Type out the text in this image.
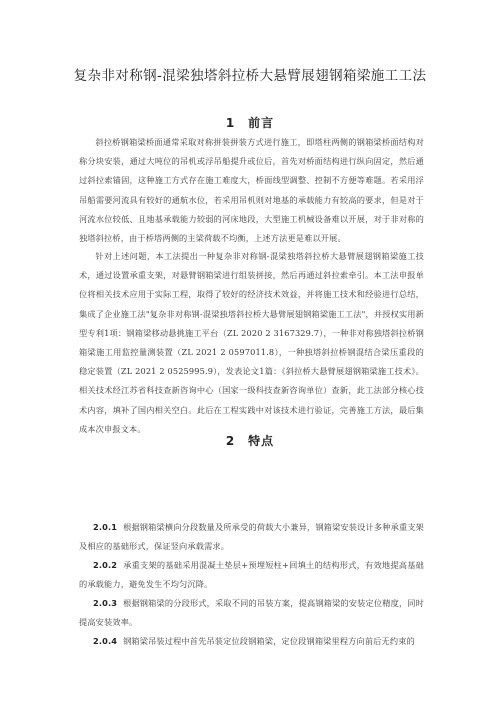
复杂非对称钢-混梁独塔斜拉桥大悬臂展翅钢箱梁施工工法
1　前言

斜拉桥钢箱梁桥面通常采取对称拼装拼装方式进行施工，即塔柱两侧的钢箱梁桥面结构对称分块安装，通过大吨位的吊机或浮吊船提升或位后，首先对桥面结构进行纵向固定，然后通过斜拉索锚固，这种施工方式存在施工难度大，桥面线型调整、控制不方便等难题。若采用浮吊船需要河流具有较好的通航水位，若采用吊机则对地基的承载能力有较高的要求，但是对于河流水位较低、且地基承载能力较弱的河床地段，大型施工机械设备难以开展，对于非对称的独塔斜拉桥，由于桥塔两侧的主梁荷载不均衡，上述方法更是难以开展。

针对上述问题，本工法提出一种复杂非对称钢-混梁独塔斜拉桥大悬臂展翅钢箱梁施工技术，通过设置承重支架，对悬臂钢箱梁进行组装拼接，然后再通过斜拉索牵引。本工法申报单位将相关技术应用于实际工程，取得了较好的经济技术效益，并将施工技术和经验进行总结，集成了企业施工法"复杂非对称钢-混梁独塔斜拉桥大悬臂展翅钢箱梁施工工法"，并授权实用新型专利1项：钢箱梁移动悬挑施工平台（ZL 2020 2 3167329.7），一种非对称独塔斜拉桥钢箱梁施工用监控量测装置（ZL 2021 2 0597011.8），一种独塔斜拉桥钢混结合梁压重段的稳定装置（ZL 2021 2 0525995.9），发表论文1篇：《斜拉桥大悬臂展翅钢箱梁施工技术》。相关技术经江苏省科技查新咨询中心（国家一级科技查新咨询单位）查新，此工法部分核心技术内容，填补了国内相关空白。此后在工程实践中对该技术进行验证，完善施工方法，最后集成本次申报文本。

2　特点

2.0.1 根据钢箱梁横向分段数量及所承受的荷载大小兼异，钢箱梁安装设计多种承重支架及相应的基础形式，保证竖向承载需求。

2.0.2 承重支架的基础采用混凝土垫层+预埋短柱+回填土的结构形式，有效地提高基础的承载能力，避免发生不均匀沉降。

2.0.3 根据钢箱梁的分段形式，采取不同的吊装方案，提高钢箱梁的安装定位精度，同时提高安装效率。

2.0.4 钢箱梁吊装过程中首先吊装定位段钢箱梁，定位段钢箱梁里程方向前后无约束的
